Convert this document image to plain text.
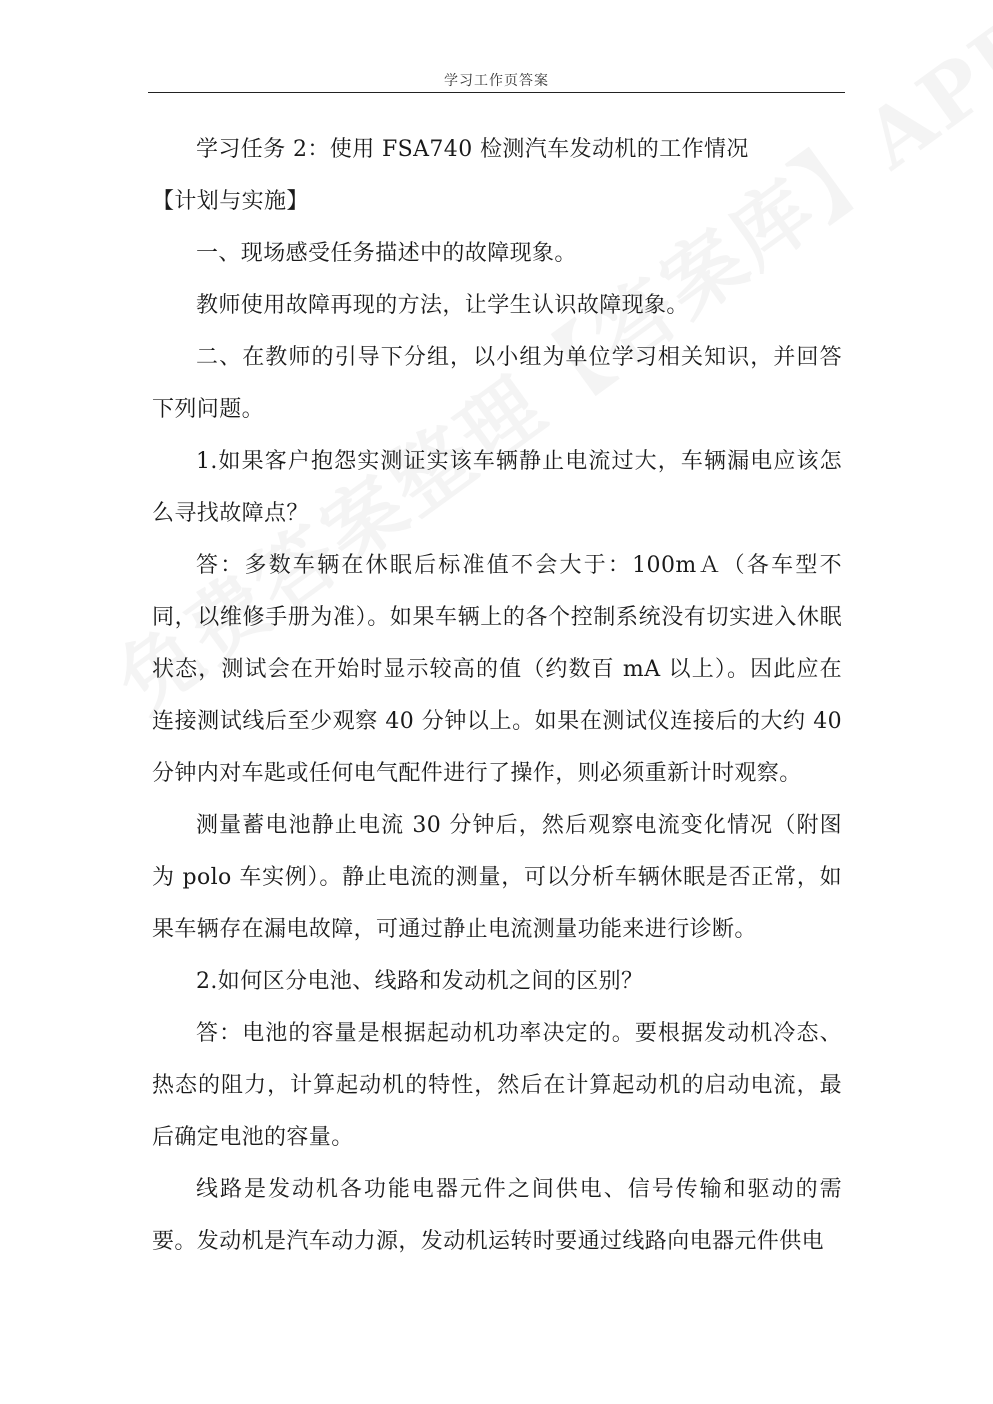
学习工作页答案

学习任务 2：使用 FSA740 检测汽车发动机的工作情况

【计划与实施】

一、现场感受任务描述中的故障现象。

教师使用故障再现的方法，让学生认识故障现象。

二、在教师的引导下分组，以小组为单位学习相关知识，并回答下列问题。

1.如果客户抱怨实测证实该车辆静止电流过大，车辆漏电应该怎么寻找故障点？

答：多数车辆在休眠后标准值不会大于：100mＡ（各车型不同，以维修手册为准）。如果车辆上的各个控制系统没有切实进入休眠状态，测试会在开始时显示较高的值（约数百 mA 以上）。因此应在连接测试线后至少观察 40 分钟以上。如果在测试仪连接后的大约 40 分钟内对车匙或任何电气配件进行了操作，则必须重新计时观察。

测量蓄电池静止电流 30 分钟后，然后观察电流变化情况（附图为 polo 车实例）。静止电流的测量，可以分析车辆休眠是否正常，如果车辆存在漏电故障，可通过静止电流测量功能来进行诊断。

2.如何区分电池、线路和发动机之间的区别？

答：电池的容量是根据起动机功率决定的。要根据发动机冷态、热态的阻力，计算起动机的特性，然后在计算起动机的启动电流，最后确定电池的容量。

线路是发动机各功能电器元件之间供电、信号传输和驱动的需要。发动机是汽车动力源，发动机运转时要通过线路向电器元件供电
